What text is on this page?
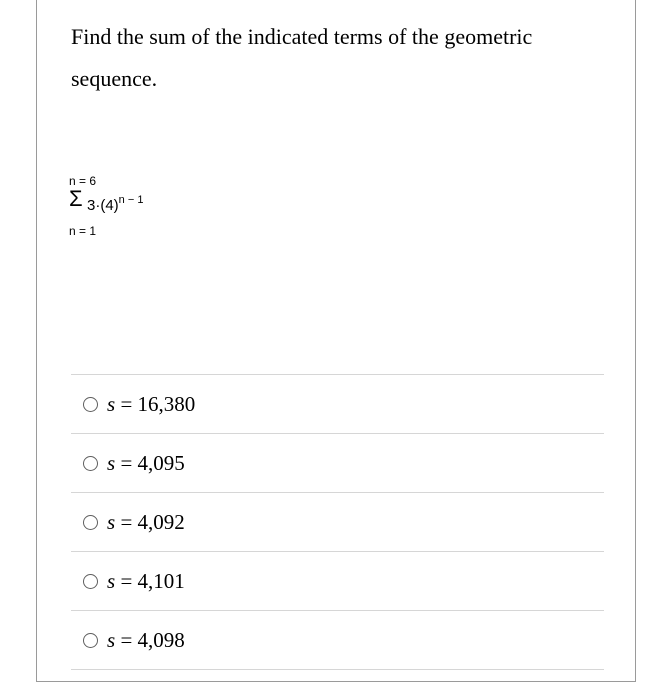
Find the sum of the indicated terms of the geometric sequence.

n = 6
Σ $3\cdot(4)^{n - 1}$
n = 1
s = 16,380
s = 4,095
s = 4,092
s = 4,101
s = 4,098
